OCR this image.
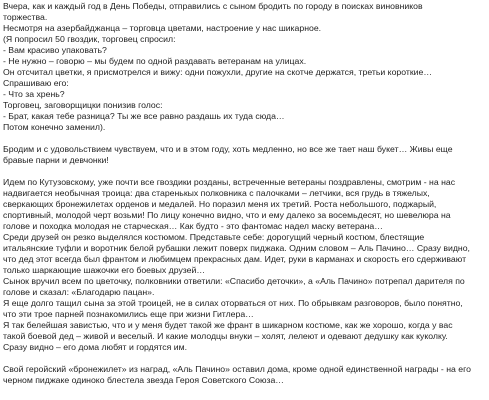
Вчера, как и каждый год в День Победы, отправились с сыном бродить по городу в поисках виновников
торжества.
Несмотря на азербайджанца – торговца цветами, настроение у нас шикарное.
(Я попросил 50 гвоздик, торговец спросил:
- Вам красиво упаковать?
- Не нужно – говорю – мы будем по одной раздавать ветеранам на улицах.
Он отсчитал цветки, я присмотрелся и вижу: одни пожухли, другие на скотче держатся, третьи короткие…
Спрашиваю его:
- Что за хрень?
Торговец, заговорщицки понизив голос:
- Брат, какая тебе разница? Ты же все равно раздашь их туда сюда…
Потом конечно заменил).
Бродим и с удовольствием чувствуем, что и в этом году, хоть медленно, но все же тает наш букет… Живы еще
бравые парни и девчонки!
Идем по Кутузовскому, уже почти все гвоздики розданы, встреченные ветераны поздравлены, смотрим - на нас
надвигается необычная троица: два старенькых полковника с палочками – летчики, вся грудь в тяжелых,
сверкающих бронежилетах орденов и медалей. Но поразил меня их третий. Роста небольшого, поджарый,
спортивный, молодой черт возьми! По лицу конечно видно, что и ему далеко за восемьдесят, но шевелюра на
голове и походка молодая не старческая… Как будто - это фантомас надел маску ветерана…
Среди друзей он резко выделялся костюмом. Представьте себе: дорогущий черный костюм, блестящие
итальянские туфли и воротник белой рубашки лежит поверх пиджака. Одним словом – Аль Пачино… Сразу видно,
что дед этот всегда был франтом и любимцем прекрасных дам. Идет, руки в карманах и скорость его сдерживают
только шаркающие шажочки его боевых друзей…
Сынок вручил всем по цветочку, полковники ответили: «Спасибо деточки», а «Аль Пачино» потрепал дарителя по
голове и сказал: «Благодарю пацан».
Я еще долго тащил сына за этой троицей, не в силах оторваться от них. По обрывкам разговоров, было понятно,
что эти трое парней познакомились еще при жизни Гитлера…
Я так белейшая завистью, что и у меня будет такой же франт в шикарном костюме, как же хорошо, когда у вас
такой боевой дед – живой и веселый. И какие молодцы внуки – холят, лелеют и одевают дедушку как куколку.
Сразу видно – его дома любят и гордятся им.
Свой геройский «бронежилет» из наград, «Аль Пачино» оставил дома, кроме одной единственной награды - на его
черном пиджаке одиноко блестела звезда Героя Советского Союза…
